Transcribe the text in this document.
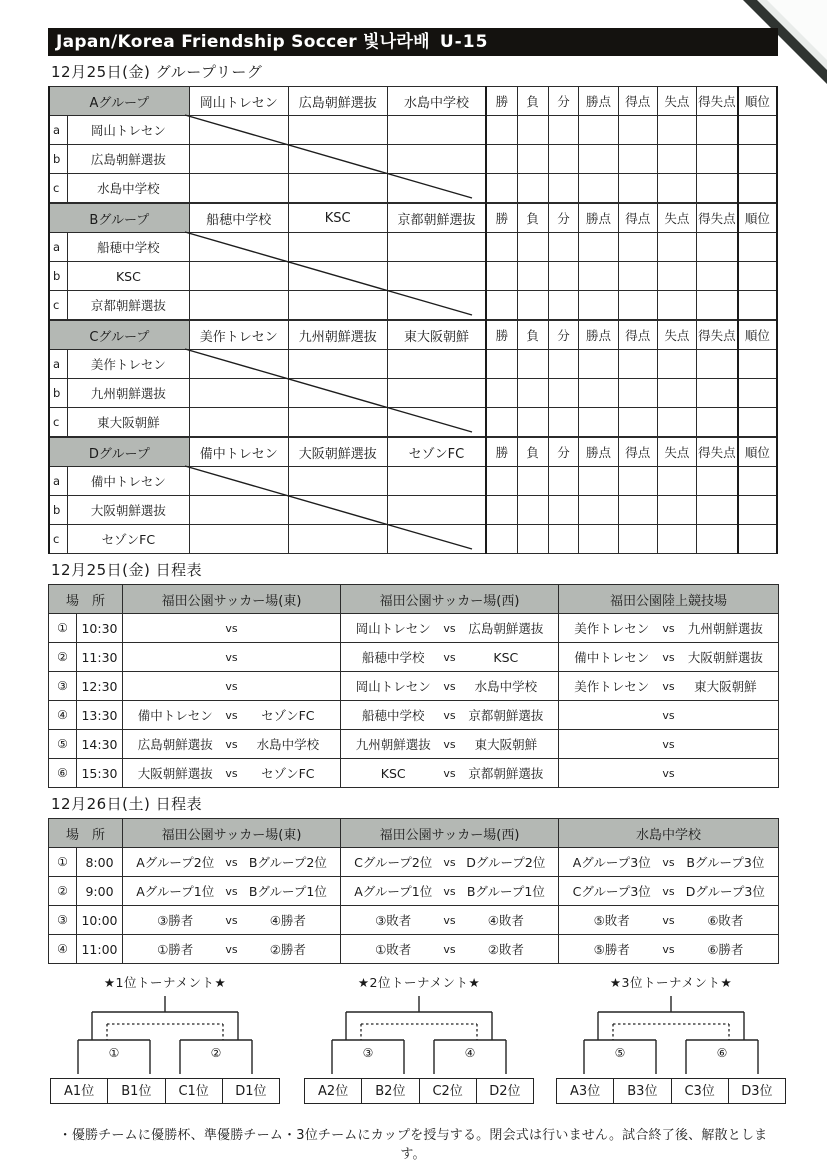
Japan/Korea Friendship Soccer 빛나라배 U-15
12月25日(金) グループリーグ
Aグループ		岡山トレセン	広島朝鮮選抜	水島中学校	勝	負	分	勝点	得点	失点	得失点	順位
a	岡山トレセン											
b	広島朝鮮選抜											
c	水島中学校											
Bグループ		船穂中学校	KSC	京都朝鮮選抜	勝	負	分	勝点	得点	失点	得失点	順位
a	船穂中学校											
b	KSC											
c	京都朝鮮選抜											
Cグループ		美作トレセン	九州朝鮮選抜	東大阪朝鮮	勝	負	分	勝点	得点	失点	得失点	順位
a	美作トレセン											
b	九州朝鮮選抜											
c	東大阪朝鮮											
Dグループ		備中トレセン	大阪朝鮮選抜	セゾンFC	勝	負	分	勝点	得点	失点	得失点	順位
a	備中トレセン											
b	大阪朝鮮選抜											
c	セゾンFC											
12月25日(金) 日程表
場　所		福田公園サッカー場(東)	福田公園サッカー場(西)	福田公園陸上競技場
①	10:30	vs	岡山トレセン vs 広島朝鮮選抜	美作トレセン vs 九州朝鮮選抜

②	11:30	vs	船穂中学校 vs KSC	備中トレセン vs 大阪朝鮮選抜

③	12:30	vs	岡山トレセン vs 水島中学校	美作トレセン vs 東大阪朝鮮

④	13:30	備中トレセン vs セゾンFC	船穂中学校 vs 京都朝鮮選抜	vs

⑤	14:30	広島朝鮮選抜 vs 水島中学校	九州朝鮮選抜 vs 東大阪朝鮮	vs

⑥	15:30	大阪朝鮮選抜 vs セゾンFC	KSC vs 京都朝鮮選抜	vs
12月26日(土) 日程表
場　所		福田公園サッカー場(東)	福田公園サッカー場(西)	水島中学校
①	8:00	Aグループ2位 vs Bグループ2位	Cグループ2位 vs Dグループ2位	Aグループ3位 vs Bグループ3位

②	9:00	Aグループ1位 vs Bグループ1位	Aグループ1位 vs Bグループ1位	Cグループ3位 vs Dグループ3位

③	10:00	③勝者 vs ④勝者	③敗者 vs ④敗者	⑤敗者 vs ⑥敗者

④	11:00	①勝者 vs ②勝者	①敗者 vs ②敗者	⑤勝者 vs ⑥勝者
★1位トーナメント★
①	②
A1位	B1位	C1位	D1位
★2位トーナメント★
③	④
A2位	B2位	C2位	D2位
★3位トーナメント★
⑤	⑥
A3位	B3位	C3位	D3位
・優勝チームに優勝杯、準優勝チーム・3位チームにカップを授与する。閉会式は行いません。試合終了後、解散とします。
